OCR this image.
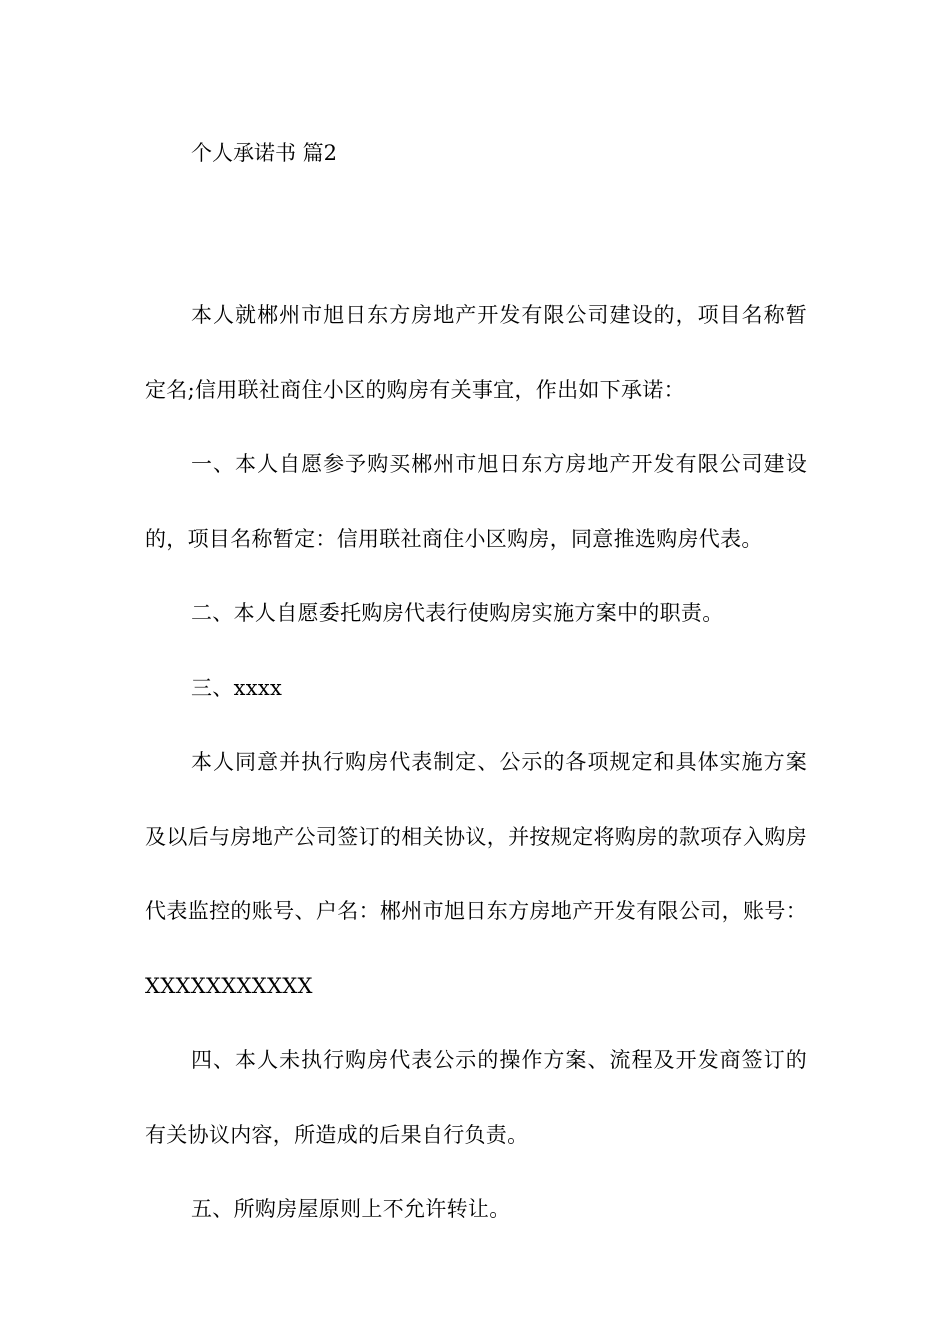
个人承诺书 篇2

本人就郴州市旭日东方房地产开发有限公司建设的，项目名称暂定名;信用联社商住小区的购房有关事宜，作出如下承诺：

一、本人自愿参予购买郴州市旭日东方房地产开发有限公司建设的，项目名称暂定：信用联社商住小区购房，同意推选购房代表。

二、本人自愿委托购房代表行使购房实施方案中的职责。

三、xxxx

本人同意并执行购房代表制定、公示的各项规定和具体实施方案及以后与房地产公司签订的相关协议，并按规定将购房的款项存入购房代表监控的账号、户名：郴州市旭日东方房地产开发有限公司，账号：XXXXXXXXXXX

四、本人未执行购房代表公示的操作方案、流程及开发商签订的有关协议内容，所造成的后果自行负责。

五、所购房屋原则上不允许转让。
